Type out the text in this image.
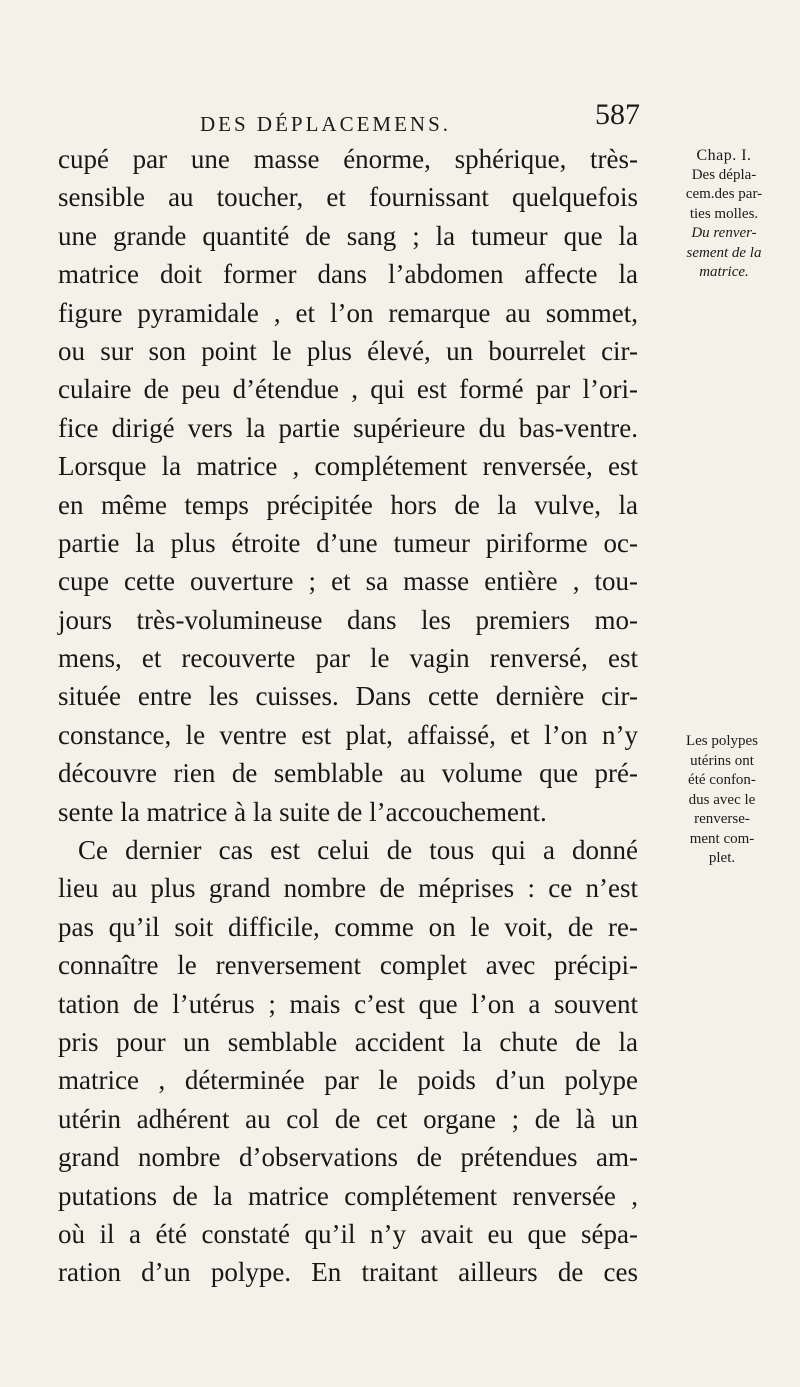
DES DÉPLACEMENS.	587
cupé par une masse énorme, sphérique, très-
sensible au toucher, et fournissant quelquefois
une grande quantité de sang ; la tumeur que la
matrice doit former dans l’abdomen affecte la
figure pyramidale , et l’on remarque au sommet,
ou sur son point le plus élevé, un bourrelet cir-
culaire de peu d’étendue , qui est formé par l’ori-
fice dirigé vers la partie supérieure du bas-ventre.
Lorsque la matrice , complétement renversée, est
en même temps précipitée hors de la vulve, la
partie la plus étroite d’une tumeur piriforme oc-
cupe cette ouverture ; et sa masse entière , tou-
jours très-volumineuse dans les premiers mo-
mens, et recouverte par le vagin renversé, est
située entre les cuisses. Dans cette dernière cir-
constance, le ventre est plat, affaissé, et l’on n’y
découvre rien de semblable au volume que pré-
sente la matrice à la suite de l’accouchement.
Ce dernier cas est celui de tous qui a donné
lieu au plus grand nombre de méprises : ce n’est
pas qu’il soit difficile, comme on le voit, de re-
connaître le renversement complet avec précipi-
tation de l’utérus ; mais c’est que l’on a souvent
pris pour un semblable accident la chute de la
matrice , déterminée par le poids d’un polype
utérin adhérent au col de cet organe ; de là un
grand nombre d’observations de prétendues am-
putations de la matrice complétement renversée ,
où il a été constaté qu’il n’y avait eu que sépa-
ration d’un polype. En traitant ailleurs de ces
Chap. I.
Des dépla-
cem.des par-
ties molles.
Du renver-
sement de la
matrice.
Les polypes
utérins ont
été confon-
dus avec le
renverse-
ment com-
plet.
